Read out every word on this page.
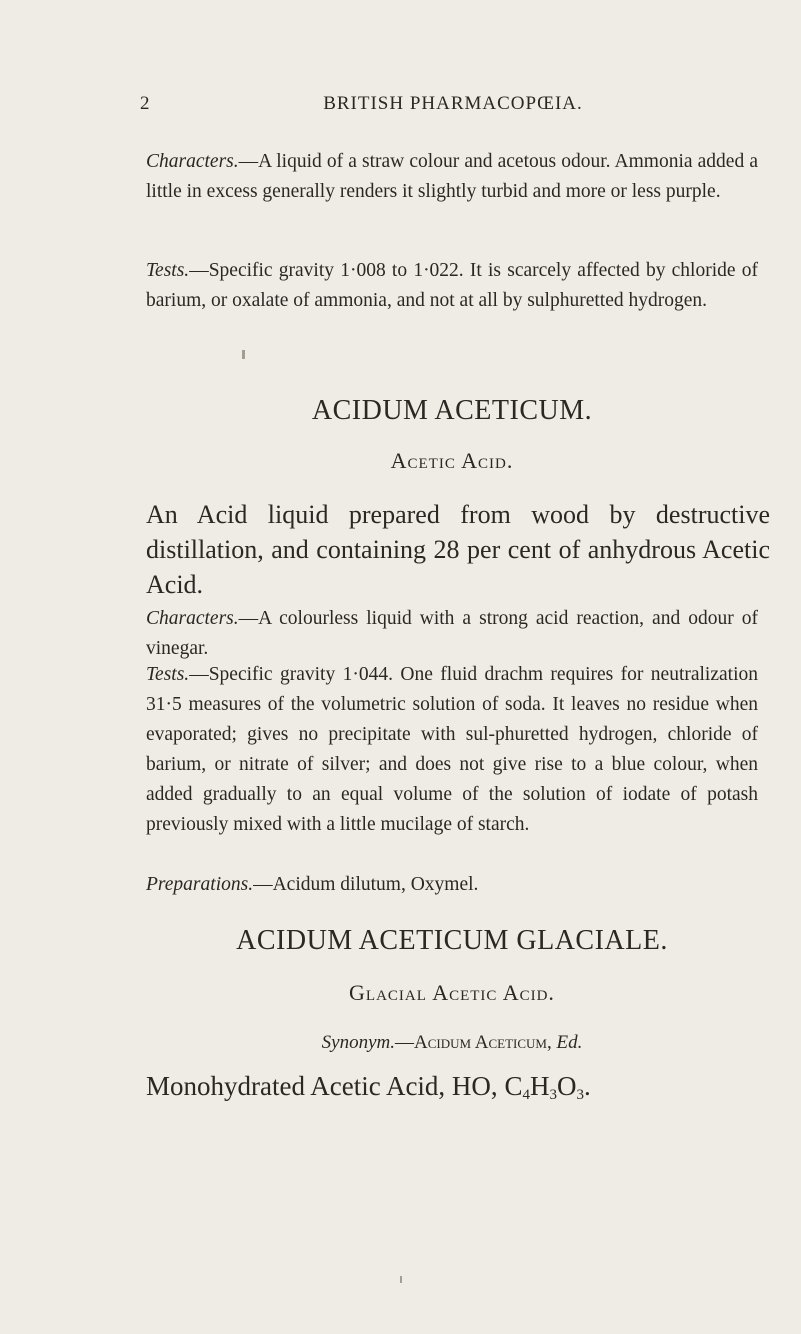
2	BRITISH PHARMACOPŒIA.

Characters.—A liquid of a straw colour and acetous odour. Ammonia added a little in excess generally renders it slightly turbid and more or less purple.

Tests.—Specific gravity 1·008 to 1·022. It is scarcely affected by chloride of barium, or oxalate of ammonia, and not at all by sulphuretted hydrogen.

ACIDUM ACETICUM.
Acetic Acid.

An Acid liquid prepared from wood by destructive distillation, and containing 28 per cent of anhydrous Acetic Acid.

Characters.—A colourless liquid with a strong acid reaction, and odour of vinegar.

Tests.—Specific gravity 1·044. One fluid drachm requires for neutralization 31·5 measures of the volumetric solution of soda. It leaves no residue when evaporated; gives no precipitate with sul-phuretted hydrogen, chloride of barium, or nitrate of silver; and does not give rise to a blue colour, when added gradually to an equal volume of the solution of iodate of potash previously mixed with a little mucilage of starch.

Preparations.—Acidum dilutum, Oxymel.

ACIDUM ACETICUM GLACIALE.
Glacial Acetic Acid.
Synonym.—Acidum Aceticum, Ed.
Monohydrated Acetic Acid, HO, $C_4H_3O_3$.
